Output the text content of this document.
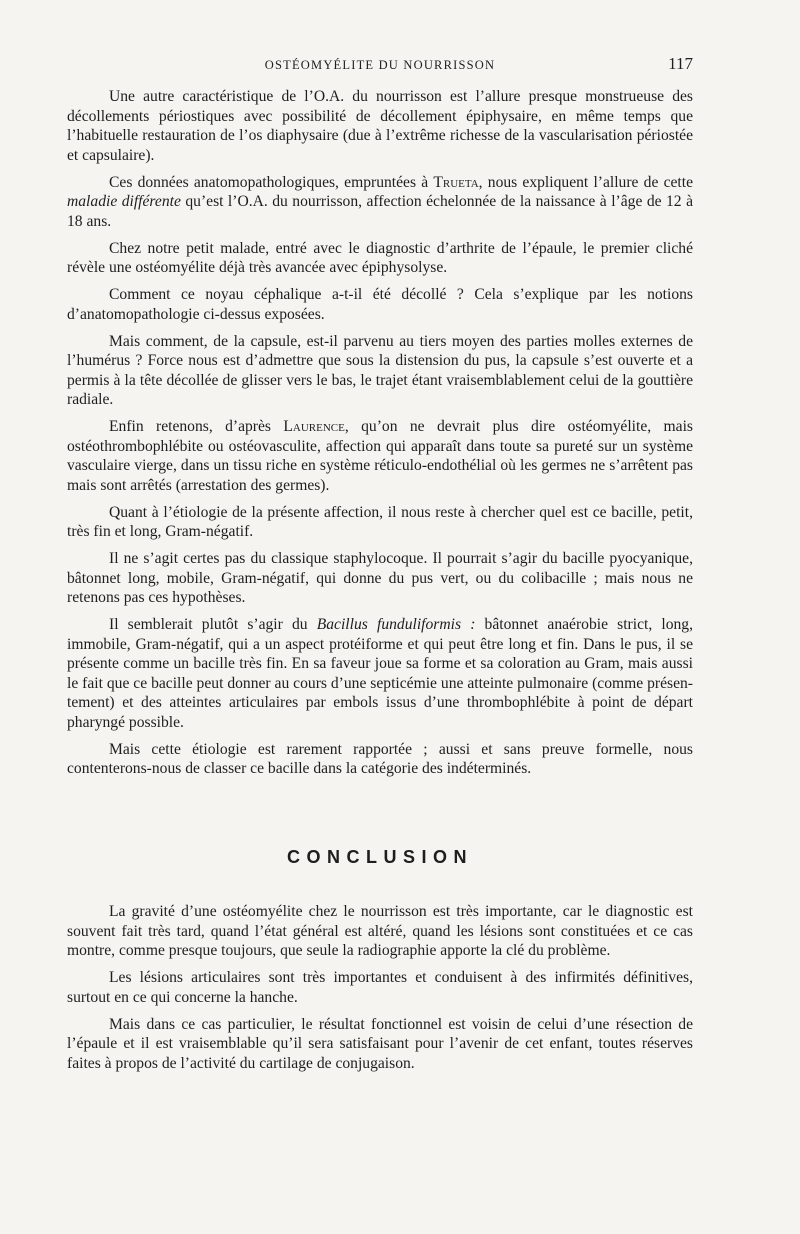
OSTÉOMYÉLITE DU NOURRISSON	117

Une autre caractéristique de l’O.A. du nourrisson est l’allure presque monstrueuse des décollements périostiques avec possibilité de décollement épiphysaire, en même temps que l’habituelle restauration de l’os diaphysaire (due à l’extrême richesse de la vascularisation périostée et capsulaire).

Ces données anatomopathologiques, empruntées à Trueta, nous expliquent l’allure de cette maladie différente qu’est l’O.A. du nourrisson, affection échelonnée de la naissance à l’âge de 12 à 18 ans.

Chez notre petit malade, entré avec le diagnostic d’arthrite de l’épaule, le premier cliché révèle une ostéomyélite déjà très avancée avec épiphysolyse.

Comment ce noyau céphalique a-t-il été décollé ? Cela s’explique par les notions d’anatomopathologie ci-dessus exposées.

Mais comment, de la capsule, est-il parvenu au tiers moyen des parties molles externes de l’humérus ? Force nous est d’admettre que sous la distension du pus, la capsule s’est ouverte et a permis à la tête décollée de glisser vers le bas, le trajet étant vraisemblablement celui de la gouttière radiale.

Enfin retenons, d’après Laurence, qu’on ne devrait plus dire ostéomyélite, mais ostéothrombophlébite ou ostéovasculite, affection qui apparaît dans toute sa pureté sur un système vasculaire vierge, dans un tissu riche en système réticulo-endothélial où les germes ne s’arrêtent pas mais sont arrêtés (arrestation des germes).

Quant à l’étiologie de la présente affection, il nous reste à chercher quel est ce bacille, petit, très fin et long, Gram-négatif.

Il ne s’agit certes pas du classique staphylocoque. Il pourrait s’agir du bacille pyocyanique, bâtonnet long, mobile, Gram-négatif, qui donne du pus vert, ou du colibacille ; mais nous ne retenons pas ces hypothèses.

Il semblerait plutôt s’agir du Bacillus funduliformis : bâtonnet anaérobie strict, long, immobile, Gram-négatif, qui a un aspect protéiforme et qui peut être long et fin. Dans le pus, il se présente comme un bacille très fin. En sa faveur joue sa forme et sa coloration au Gram, mais aussi le fait que ce bacille peut donner au cours d’une septicémie une atteinte pulmonaire (comme présentement) et des atteintes articulaires par embols issus d’une thrombophlébite à point de départ pharyngé possible.

Mais cette étiologie est rarement rapportée ; aussi et sans preuve formelle, nous contenterons-nous de classer ce bacille dans la catégorie des indéterminés.

CONCLUSION

La gravité d’une ostéomyélite chez le nourrisson est très importante, car le diagnostic est souvent fait très tard, quand l’état général est altéré, quand les lésions sont constituées et ce cas montre, comme presque toujours, que seule la radiographie apporte la clé du problème.

Les lésions articulaires sont très importantes et conduisent à des infirmités définitives, surtout en ce qui concerne la hanche.

Mais dans ce cas particulier, le résultat fonctionnel est voisin de celui d’une résection de l’épaule et il est vraisemblable qu’il sera satisfaisant pour l’avenir de cet enfant, toutes réserves faites à propos de l’activité du cartilage de conjugaison.
